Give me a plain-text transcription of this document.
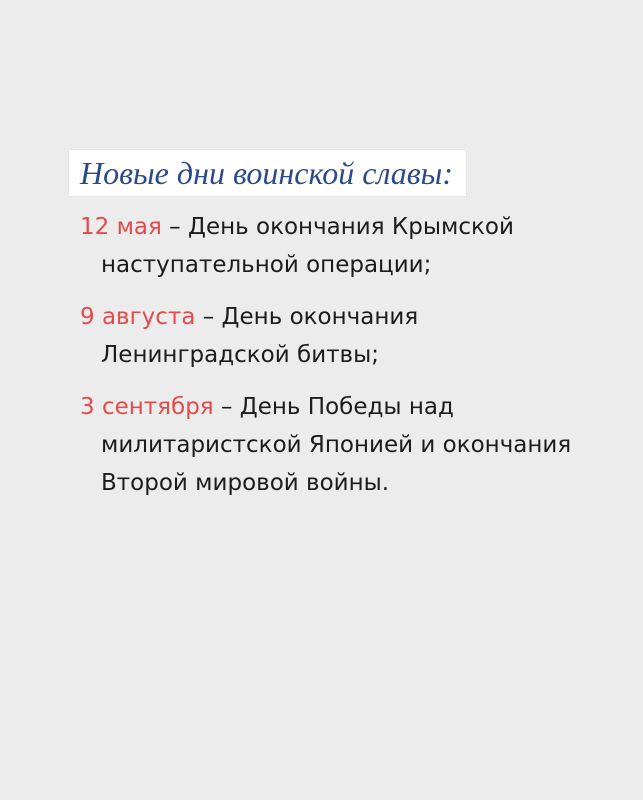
Новые дни воинской славы:
12 мая – День окончания Крымской
наступательной операции;
9 августа – День окончания
Ленинградской битвы;
3 сентября – День Победы над
милитаристской Японией и окончания
Второй мировой войны.
